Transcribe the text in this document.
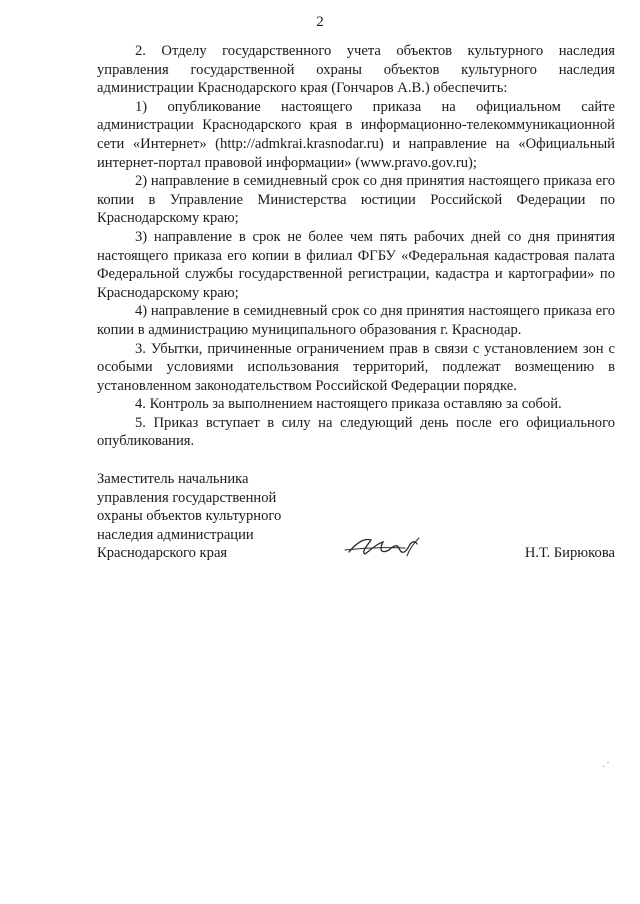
2

2. Отделу государственного учета объектов культурного наследия управления государственной охраны объектов культурного наследия администрации Краснодарского края (Гончаров А.В.) обеспечить:

1) опубликование настоящего приказа на официальном сайте администрации Краснодарского края в информационно-телекоммуникационной сети «Интернет» (http://admkrai.krasnodar.ru) и направление на «Официальный интернет-портал правовой информации» (www.pravo.gov.ru);

2) направление в семидневный срок со дня принятия настоящего приказа его копии в Управление Министерства юстиции Российской Федерации по Краснодарскому краю;

3) направление в срок не более чем пять рабочих дней со дня принятия настоящего приказа его копии в филиал ФГБУ «Федеральная кадастровая палата Федеральной службы государственной регистрации, кадастра и картографии» по Краснодарскому краю;

4) направление в семидневный срок со дня принятия настоящего приказа его копии в администрацию муниципального образования г. Краснодар.

3. Убытки, причиненные ограничением прав в связи с установлением зон с особыми условиями использования территорий, подлежат возмещению в установленном законодательством Российской Федерации порядке.

4. Контроль за выполнением настоящего приказа оставляю за собой.

5. Приказ вступает в силу на следующий день после его официального опубликования.

Заместитель начальника
управления государственной
охраны объектов культурного
наследия администрации
Краснодарского края	Н.Т. Бирюкова
